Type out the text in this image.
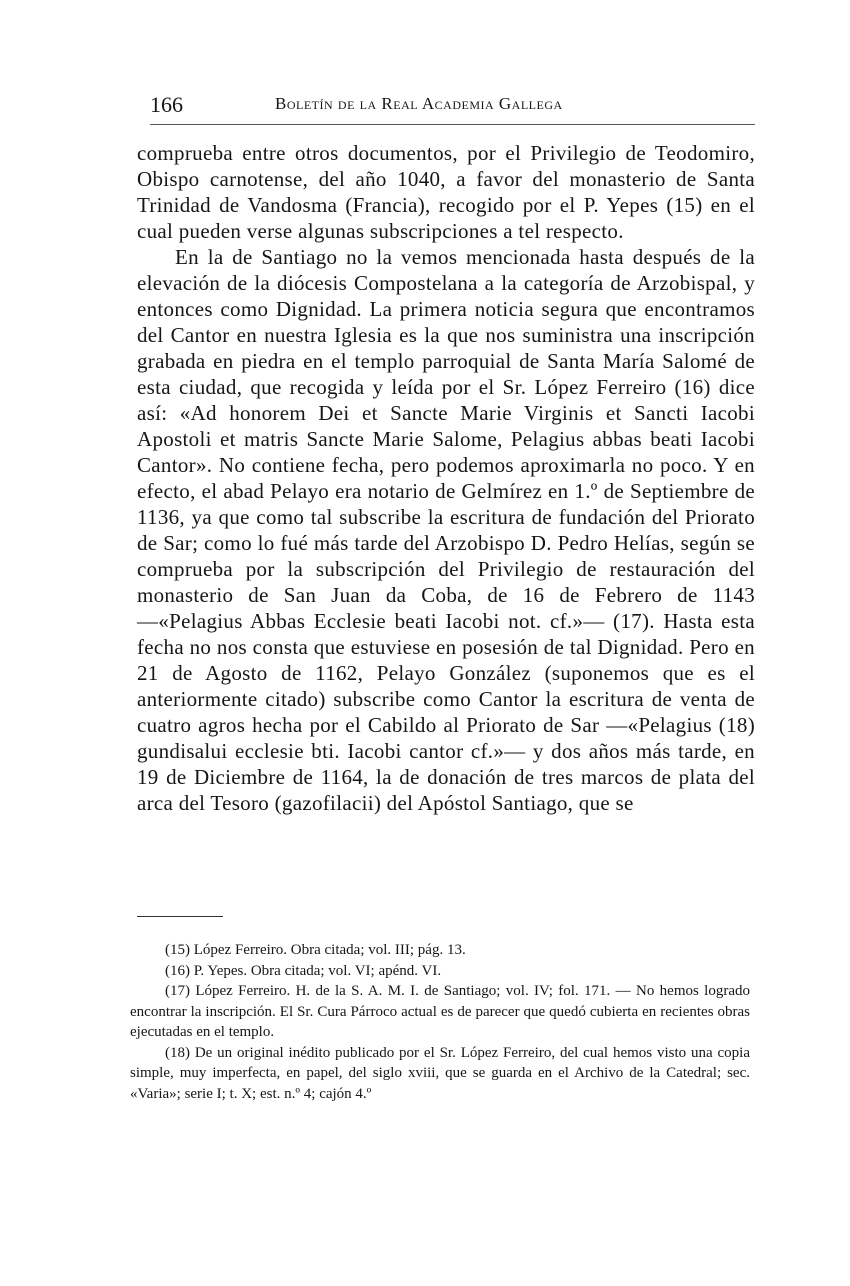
166	Boletín de la Real Academia Gallega

comprueba entre otros documentos, por el Privilegio de Teodomiro, Obispo carnotense, del año 1040, a favor del monasterio de Santa Trinidad de Vandosma (Francia), recogido por el P. Yepes (15) en el cual pueden verse algunas subscripciones a tel respecto.

En la de Santiago no la vemos mencionada hasta después de la elevación de la diócesis Compostelana a la categoría de Arzobispal, y entonces como Dignidad. La primera noticia segura que encontramos del Cantor en nuestra Iglesia es la que nos suministra una inscripción grabada en piedra en el templo parroquial de Santa María Salomé de esta ciudad, que recogida y leída por el Sr. López Ferreiro (16) dice así: «Ad honorem Dei et Sancte Marie Virginis et Sancti Iacobi Apostoli et matris Sancte Marie Salome, Pelagius abbas beati Iacobi Cantor». No contiene fecha, pero podemos aproximarla no poco. Y en efecto, el abad Pelayo era notario de Gelmírez en 1.º de Septiembre de 1136, ya que como tal subscribe la escritura de fundación del Priorato de Sar; como lo fué más tarde del Arzobispo D. Pedro Helías, según se comprueba por la subscripción del Privilegio de restauración del monasterio de San Juan da Coba, de 16 de Febrero de 1143 —«Pelagius Abbas Ecclesie beati Iacobi not. cf.»— (17). Hasta esta fecha no nos consta que estuviese en posesión de tal Dignidad. Pero en 21 de Agosto de 1162, Pelayo González (suponemos que es el anteriormente citado) subscribe como Cantor la escritura de venta de cuatro agros hecha por el Cabildo al Priorato de Sar —«Pelagius (18) gundisalui ecclesie bti. Iacobi cantor cf.»— y dos años más tarde, en 19 de Diciembre de 1164, la de donación de tres marcos de plata del arca del Tesoro (gazofilacii) del Apóstol Santiago, que se

(15) López Ferreiro. Obra citada; vol. III; pág. 13.

(16) P. Yepes. Obra citada; vol. VI; apénd. VI.

(17) López Ferreiro. H. de la S. A. M. I. de Santiago; vol. IV; fol. 171. — No hemos logrado encontrar la inscripción. El Sr. Cura Párroco actual es de parecer que quedó cubierta en recientes obras ejecutadas en el templo.

(18) De un original inédito publicado por el Sr. López Ferreiro, del cual hemos visto una copia simple, muy imperfecta, en papel, del siglo xviii, que se guarda en el Archivo de la Catedral; sec. «Varia»; serie I; t. X; est. n.º 4; cajón 4.º
